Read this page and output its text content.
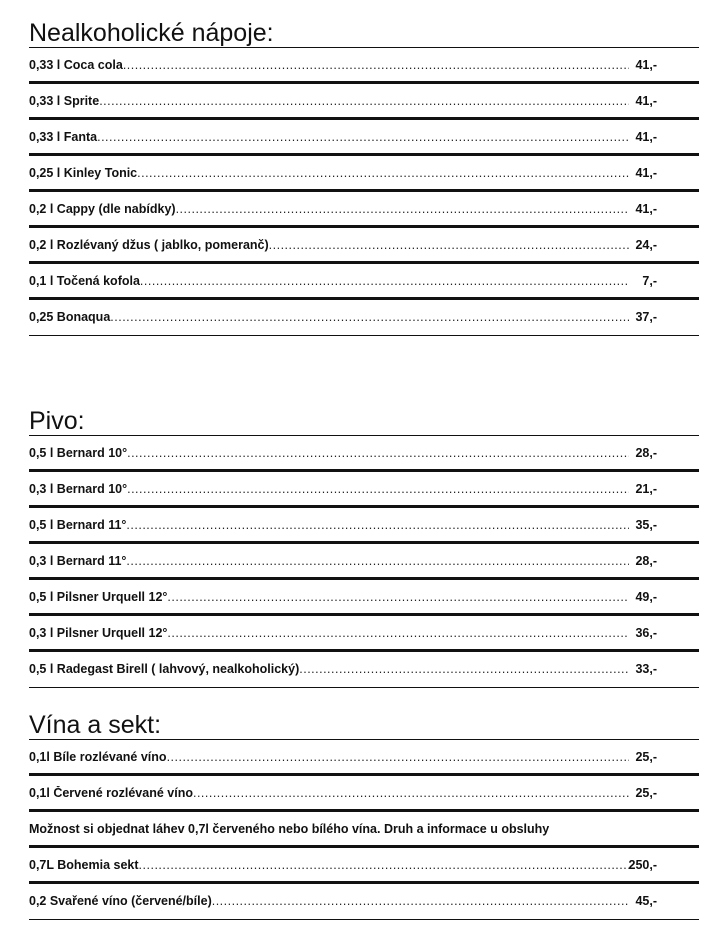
Nealkoholické nápoje:
0,33 l Coca cola .....	41,-
0,33 l Sprite .....	41,-
0,33 l Fanta .....	41,-
0,25 l Kinley Tonic .....	41,-
0,2 l Cappy (dle nabídky) .....	41,-
0,2 l Rozlévaný džus ( jablko, pomeranč) .....	24,-
0,1 l Točená kofola .....	7,-
0,25 Bonaqua .....	37,-
Pivo:
0,5 l Bernard 10° .....	28,-
0,3 l Bernard 10° .....	21,-
0,5 l Bernard 11° .....	35,-
0,3 l Bernard 11° .....	28,-
0,5 l Pilsner Urquell 12° .....	49,-
0,3 l Pilsner Urquell 12° .....	36,-
0,5 l Radegast Birell ( lahvový, nealkoholický) .....	33,-
Vína a sekt:
0,1l Bíle rozlévané víno .....	25,-
0,1l Červené rozlévané víno .....	25,-
Možnost si objednat láhev 0,7l červeného nebo bílého vína. Druh a informace u obsluhy
0,7L Bohemia sekt .....	250,-
0,2 Svařené víno (červené/bíle) .....	45,-
